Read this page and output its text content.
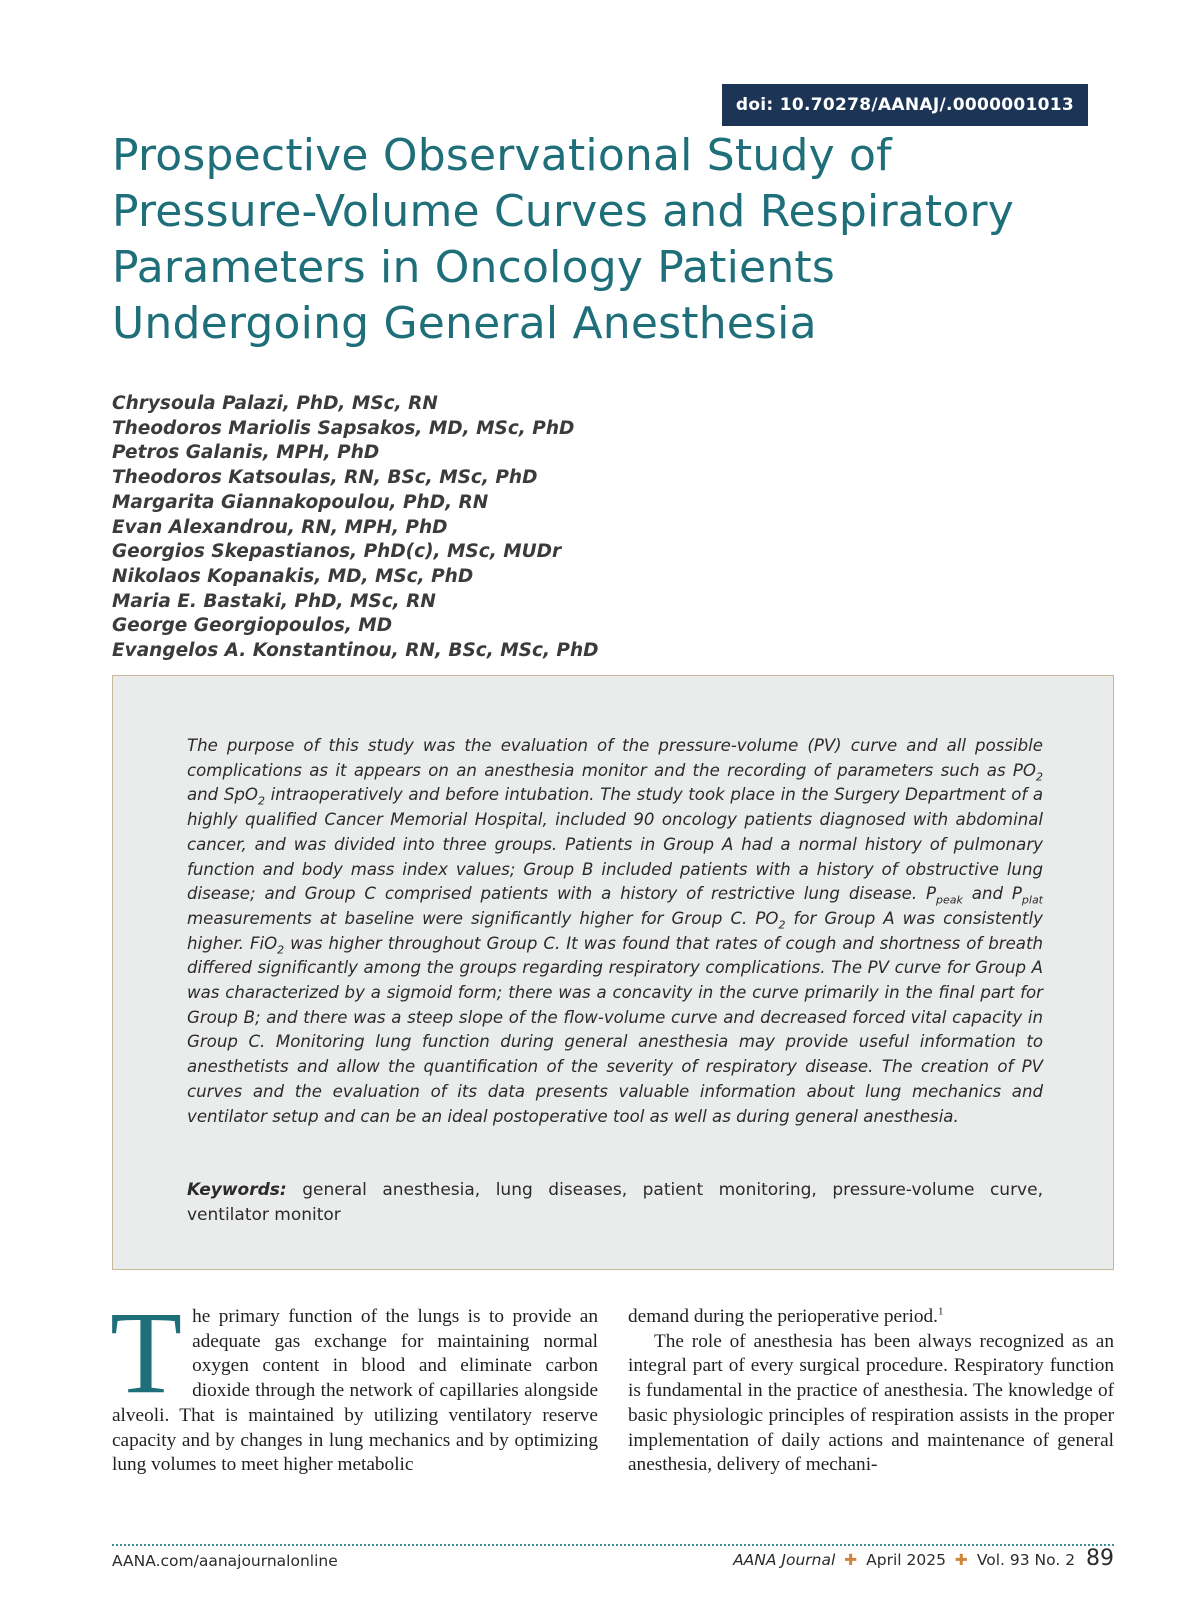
doi: 10.70278/AANAJ/.0000001013
Prospective Observational Study of
Pressure-Volume Curves and Respiratory
Parameters in Oncology Patients
Undergoing General Anesthesia
Chrysoula Palazi, PhD, MSc, RN
Theodoros Mariolis Sapsakos, MD, MSc, PhD
Petros Galanis, MPH, PhD
Theodoros Katsoulas, RN, BSc, MSc, PhD
Margarita Giannakopoulou, PhD, RN
Evan Alexandrou, RN, MPH, PhD
Georgios Skepastianos, PhD(c), MSc, MUDr
Nikolaos Kopanakis, MD, MSc, PhD
Maria E. Bastaki, PhD, MSc, RN
George Georgiopoulos, MD
Evangelos A. Konstantinou, RN, BSc, MSc, PhD

The purpose of this study was the evaluation of the pressure-volume (PV) curve and all possible complications as it appears on an anesthesia monitor and the recording of parameters such as $PO_2$ and SpO$_2$ intraoperatively and before intubation. The study took place in the Surgery Department of a highly qualified Cancer Memorial Hospital, included 90 oncology patients diagnosed with abdominal cancer, and was divided into three groups. Patients in Group A had a normal history of pulmonary function and body mass index values; Group B included patients with a history of obstructive lung disease; and Group C comprised patients with a history of restrictive lung disease. $P_{peak}$ and $P_{plat}$ measurements at baseline were significantly higher for Group C. $PO_2$ for Group A was consistently higher. FiO$_2$ was higher throughout Group C. It was found that rates of cough and shortness of breath differed significantly among the groups regarding respiratory complications. The PV curve for Group A was characterized by a sigmoid form; there was a concavity in the curve primarily in the final part for Group B; and there was a steep slope of the flow-volume curve and decreased forced vital capacity in Group C. Monitoring lung function during general anesthesia may provide useful information to anesthetists and allow the quantification of the severity of respiratory disease. The creation of PV curves and the evaluation of its data presents valuable information about lung mechanics and ventilator setup and can be an ideal postoperative tool as well as during general anesthesia.

Keywords: general anesthesia, lung diseases, patient monitoring, pressure-volume curve, ventilator monitor

The primary function of the lungs is to provide an adequate gas exchange for maintaining normal oxygen content in blood and eliminate carbon dioxide through the network of capillaries alongside alveoli. That is maintained by utilizing ventilatory reserve capacity and by changes in lung mechanics and by optimizing lung volumes to meet higher metabolic

demand during the perioperative period.$^1$

The role of anesthesia has been always recognized as an integral part of every surgical procedure. Respiratory function is fundamental in the practice of anesthesia. The knowledge of basic physiologic principles of respiration assists in the proper implementation of daily actions and maintenance of general anesthesia, delivery of mechani-

AANA.com/aanajournalonline	AANA Journal ✚ April 2025 ✚ Vol. 93 No. 2 89
